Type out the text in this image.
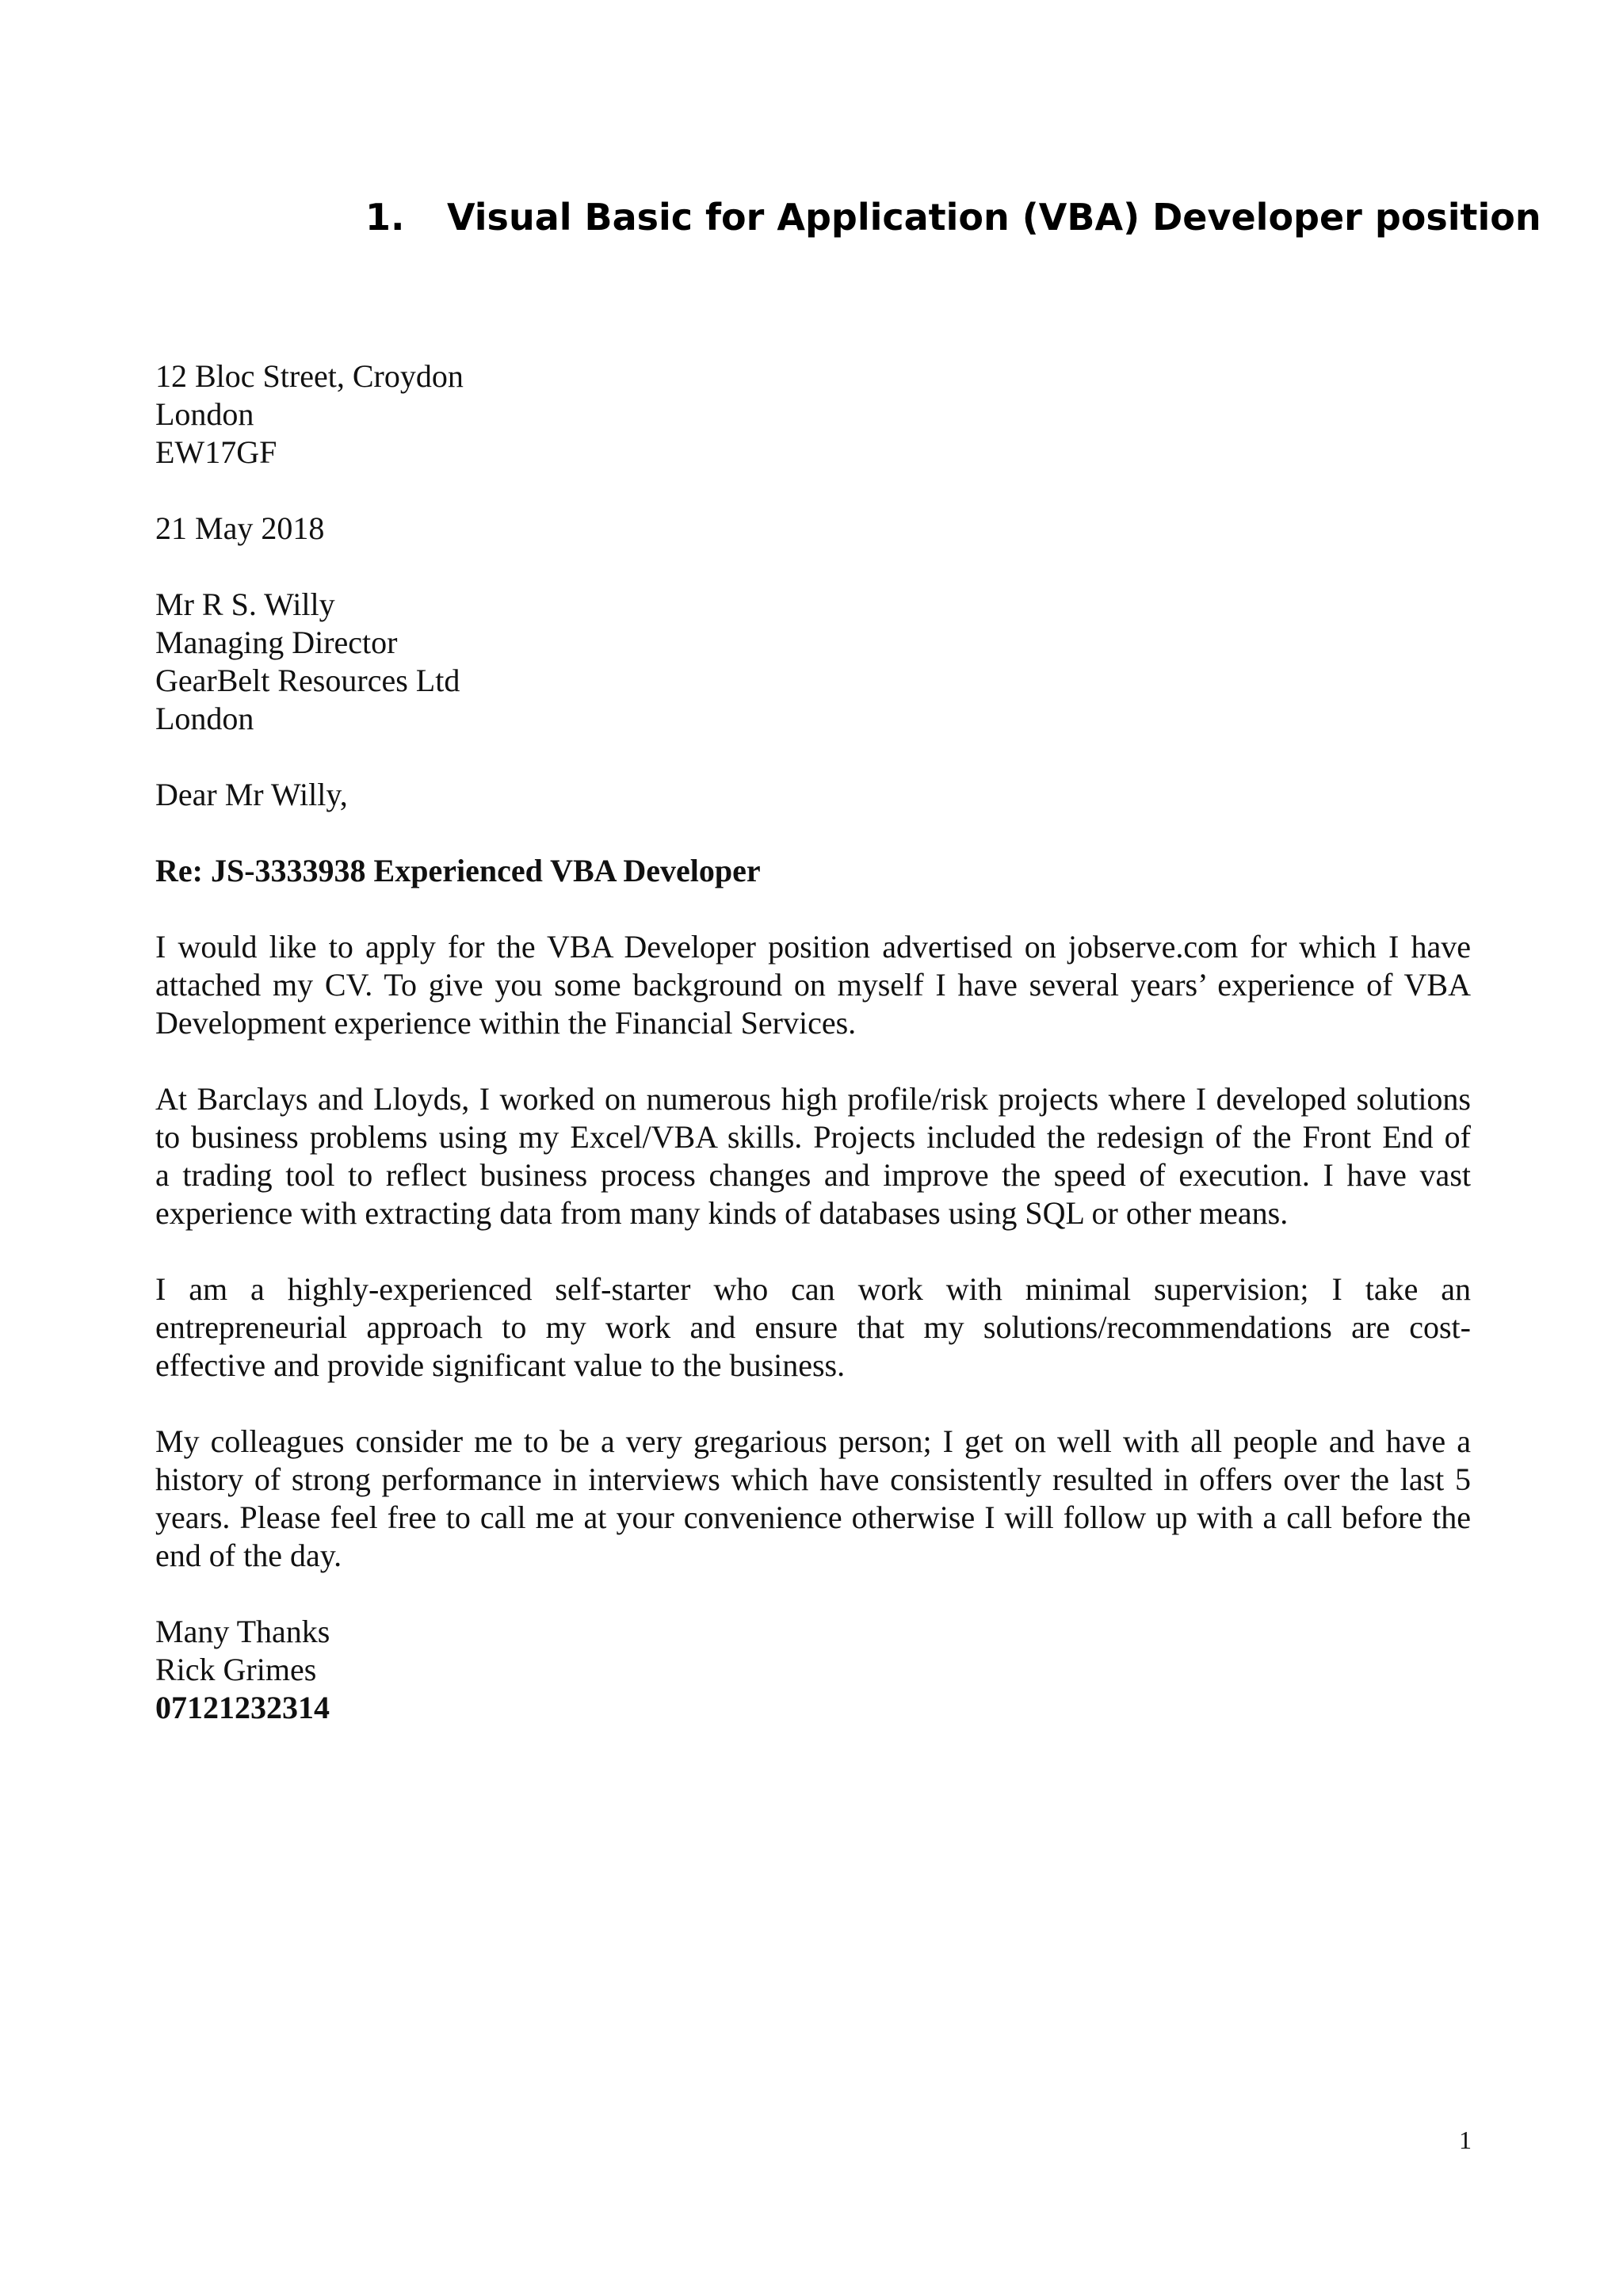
1. Visual Basic for Application (VBA) Developer position
12 Bloc Street, Croydon
London
EW17GF
21 May 2018
Mr R S. Willy
Managing Director
GearBelt Resources Ltd
London
Dear Mr Willy,
Re: JS-3333938 Experienced VBA Developer
I would like to apply for the VBA Developer position advertised on jobserve.com for which I have
attached my CV. To give you some background on myself I have several years’ experience of VBA
Development experience within the Financial Services.
At Barclays and Lloyds, I worked on numerous high profile/risk projects where I developed solutions
to business problems using my Excel/VBA skills. Projects included the redesign of the Front End of
a trading tool to reflect business process changes and improve the speed of execution. I have vast
experience with extracting data from many kinds of databases using SQL or other means.
I am a highly-experienced self-starter who can work with minimal supervision; I take an
entrepreneurial approach to my work and ensure that my solutions/recommendations are cost-
effective and provide significant value to the business.
My colleagues consider me to be a very gregarious person; I get on well with all people and have a
history of strong performance in interviews which have consistently resulted in offers over the last 5
years. Please feel free to call me at your convenience otherwise I will follow up with a call before the
end of the day.
Many Thanks
Rick Grimes
07121232314
1
